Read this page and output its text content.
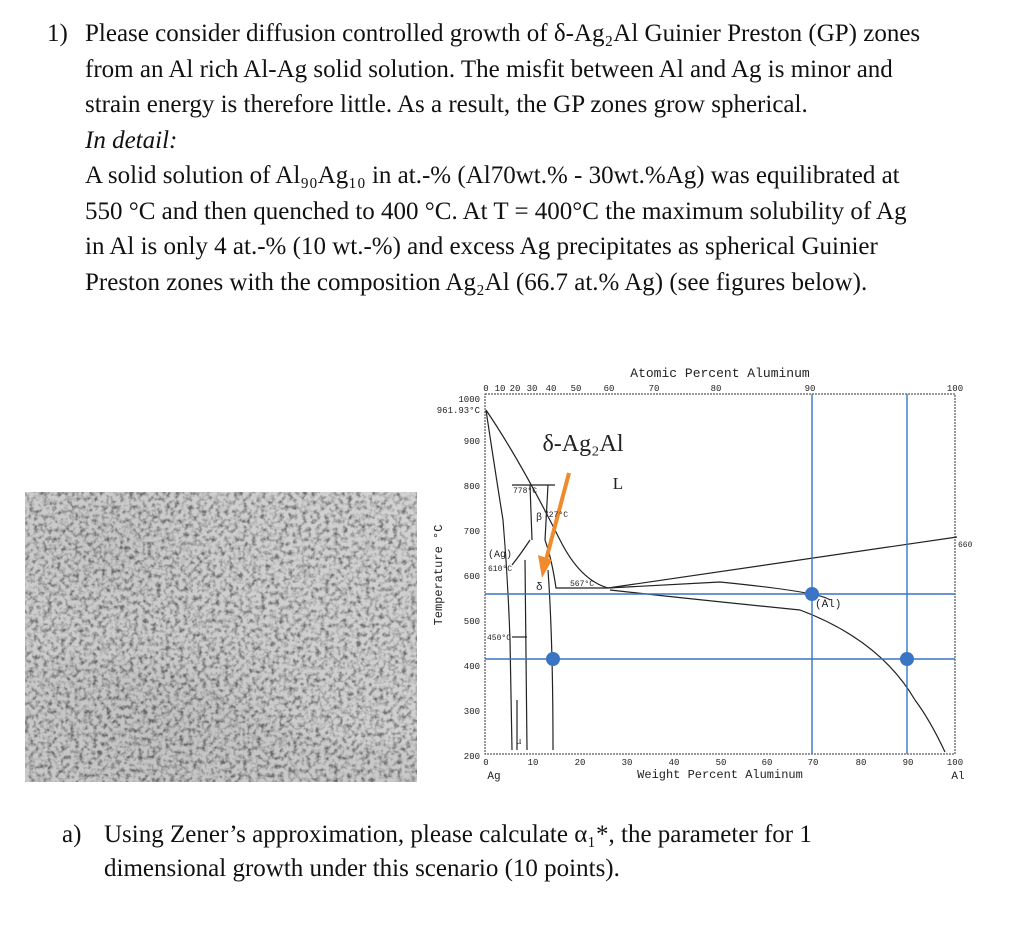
1) Please consider diffusion controlled growth of δ-Ag₂Al Guinier Preston (GP) zones
from an Al rich Al-Ag solid solution. The misfit between Al and Ag is minor and
strain energy is therefore little. As a result, the GP zones grow spherical.
In detail:
A solid solution of Al₉₀Ag₁₀ in at.-% (Al70wt.% - 30wt.%Ag) was equilibrated at
550 °C and then quenched to 400 °C. At T = 400°C the maximum solubility of Ag
in Al is only 4 at.-% (10 wt.-%) and excess Ag precipitates as spherical Guinier
Preston zones with the composition Ag₂Al (66.7 at.% Ag) (see figures below).
Atomic Percent Aluminum
0 10 20 30 40 50 60	70	80	90	100
1000
900
800
700
600
500
400
300
200
961.93°C
Temperature °C
0	10	20	30	40	50	60	70	80	90	100
Weight Percent Aluminum
Ag	Al
δ-Ag₂Al
L
β
δ
μ
(Ag)
(Al)
778°C
727°C
610°C
567°C
450°C
660
a) Using Zener’s approximation, please calculate α₁*, the parameter for 1
dimensional growth under this scenario (10 points).
